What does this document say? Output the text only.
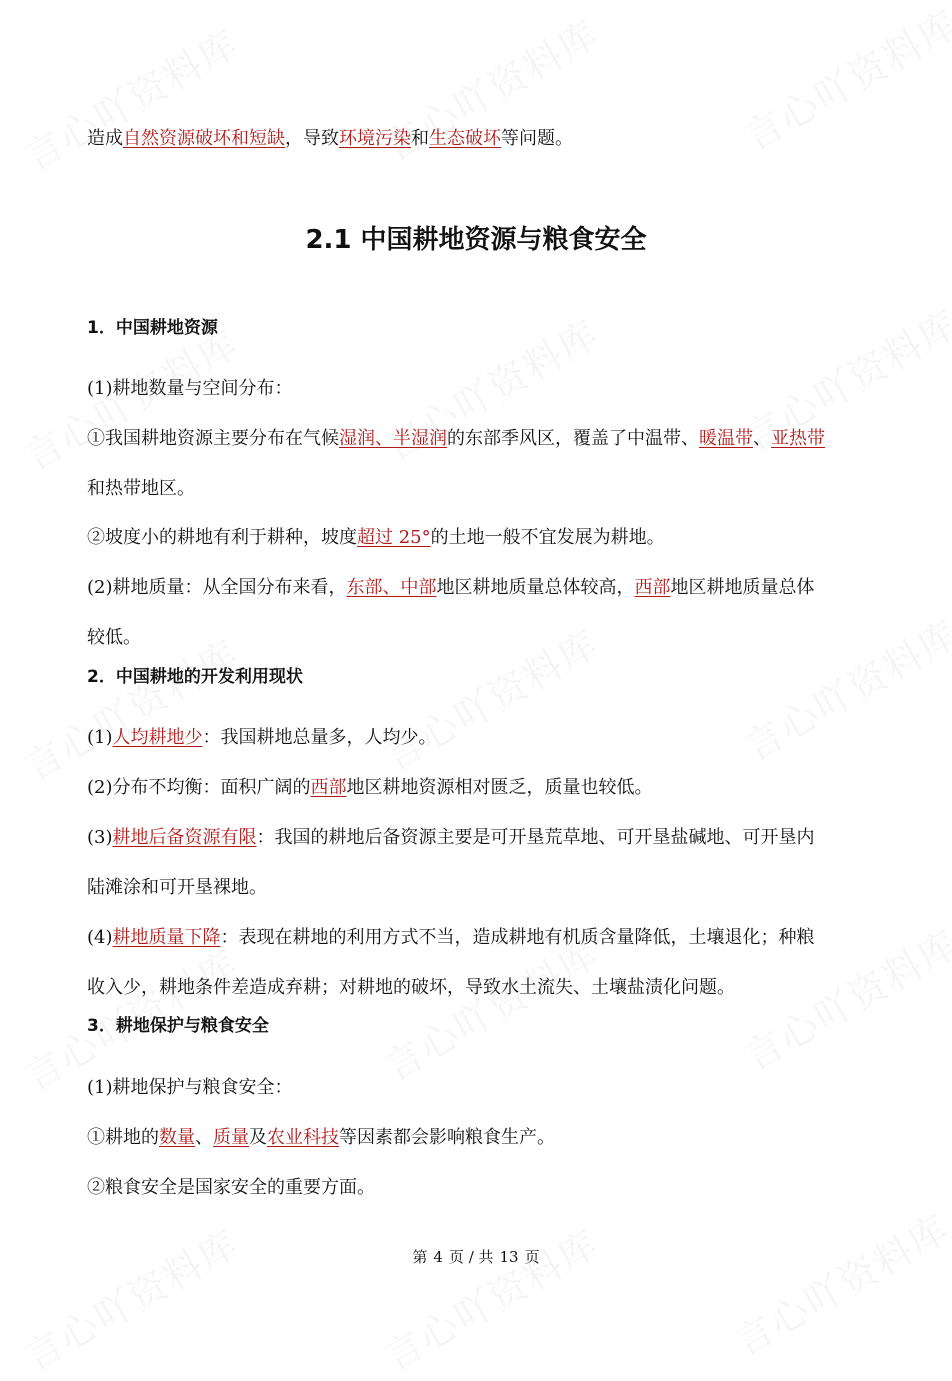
造成自然资源破坏和短缺，导致环境污染和生态破坏等问题。
2.1 中国耕地资源与粮食安全
1．中国耕地资源
(1)耕地数量与空间分布：
①我国耕地资源主要分布在气候湿润、半湿润的东部季风区，覆盖了中温带、暖温带、亚热带
和热带地区。
②坡度小的耕地有利于耕种，坡度超过 25°的土地一般不宜发展为耕地。
(2)耕地质量：从全国分布来看，东部、中部地区耕地质量总体较高，西部地区耕地质量总体
较低。
2．中国耕地的开发利用现状
(1)人均耕地少：我国耕地总量多，人均少。
(2)分布不均衡：面积广阔的西部地区耕地资源相对匮乏，质量也较低。
(3)耕地后备资源有限：我国的耕地后备资源主要是可开垦荒草地、可开垦盐碱地、可开垦内
陆滩涂和可开垦裸地。
(4)耕地质量下降：表现在耕地的利用方式不当，造成耕地有机质含量降低，土壤退化；种粮
收入少，耕地条件差造成弃耕；对耕地的破坏，导致水土流失、土壤盐渍化问题。
3．耕地保护与粮食安全
(1)耕地保护与粮食安全：
①耕地的数量、质量及农业科技等因素都会影响粮食生产。
②粮食安全是国家安全的重要方面。
第 4 页 / 共 13 页
